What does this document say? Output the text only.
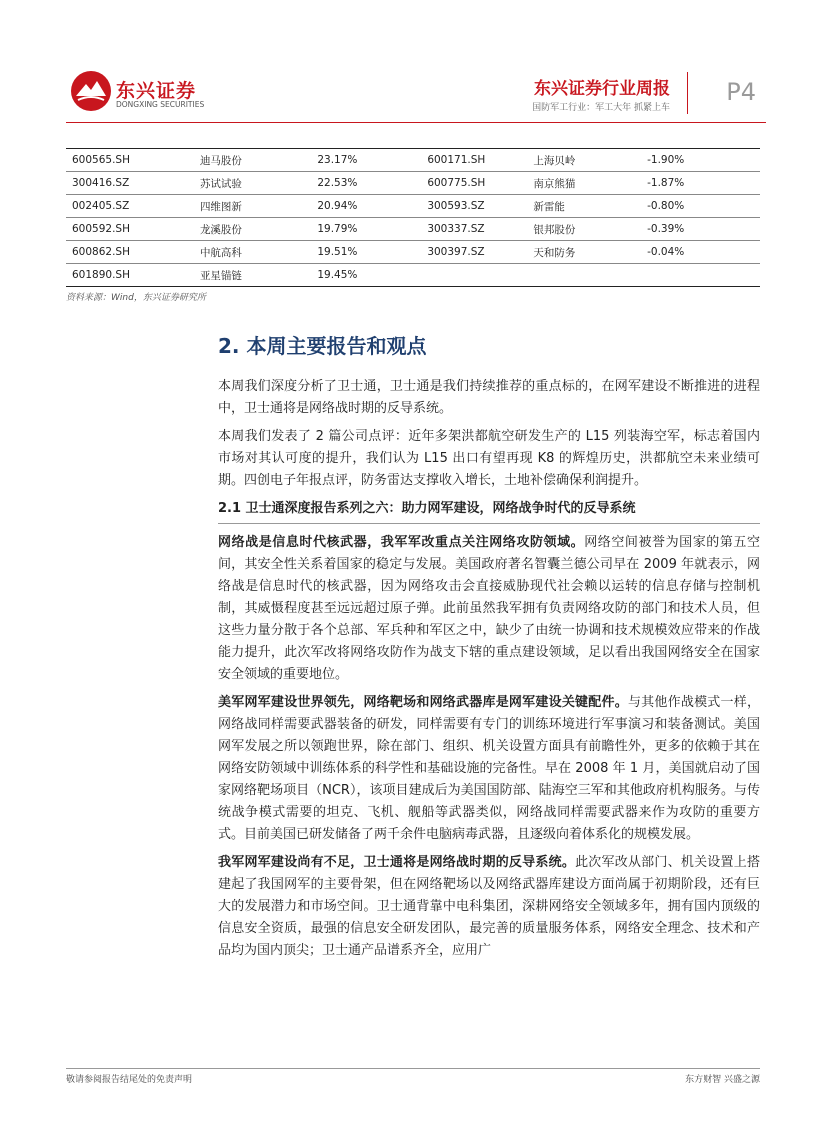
东兴证券
DONGXING SECURITIES
东兴证券行业周报
国防军工行业：军工大年 抓紧上车
P4
600565.SH	迪马股份	23.17%	600171.SH	上海贝岭	-1.90%
300416.SZ	苏试试验	22.53%	600775.SH	南京熊猫	-1.87%
002405.SZ	四维图新	20.94%	300593.SZ	新雷能	-0.80%
600592.SH	龙溪股份	19.79%	300337.SZ	银邦股份	-0.39%
600862.SH	中航高科	19.51%	300397.SZ	天和防务	-0.04%
601890.SH	亚星锚链	19.45%			
资料来源：Wind，东兴证券研究所
2. 本周主要报告和观点

本周我们深度分析了卫士通，卫士通是我们持续推荐的重点标的，在网军建设不断推进的进程中，卫士通将是网络战时期的反导系统。

本周我们发表了 2 篇公司点评：近年多架洪都航空研发生产的 L15 列装海空军，标志着国内市场对其认可度的提升，我们认为 L15 出口有望再现 K8 的辉煌历史，洪都航空未来业绩可期。四创电子年报点评，防务雷达支撑收入增长，土地补偿确保利润提升。

2.1 卫士通深度报告系列之六：助力网军建设，网络战争时代的反导系统

网络战是信息时代核武器，我军军改重点关注网络攻防领域。网络空间被誉为国家的第五空间，其安全性关系着国家的稳定与发展。美国政府著名智囊兰德公司早在 2009 年就表示，网络战是信息时代的核武器，因为网络攻击会直接威胁现代社会赖以运转的信息存储与控制机制，其威慑程度甚至远远超过原子弹。此前虽然我军拥有负责网络攻防的部门和技术人员，但这些力量分散于各个总部、军兵种和军区之中，缺少了由统一协调和技术规模效应带来的作战能力提升，此次军改将网络攻防作为战支下辖的重点建设领域，足以看出我国网络安全在国家安全领域的重要地位。

美军网军建设世界领先，网络靶场和网络武器库是网军建设关键配件。与其他作战模式一样，网络战同样需要武器装备的研发，同样需要有专门的训练环境进行军事演习和装备测试。美国网军发展之所以领跑世界，除在部门、组织、机关设置方面具有前瞻性外，更多的依赖于其在网络安防领域中训练体系的科学性和基础设施的完备性。早在 2008 年 1 月，美国就启动了国家网络靶场项目（NCR），该项目建成后为美国国防部、陆海空三军和其他政府机构服务。与传统战争模式需要的坦克、飞机、舰船等武器类似，网络战同样需要武器来作为攻防的重要方式。目前美国已研发储备了两千余件电脑病毒武器，且逐级向着体系化的规模发展。

我军网军建设尚有不足，卫士通将是网络战时期的反导系统。此次军改从部门、机关设置上搭建起了我国网军的主要骨架，但在网络靶场以及网络武器库建设方面尚属于初期阶段，还有巨大的发展潜力和市场空间。卫士通背靠中电科集团，深耕网络安全领域多年，拥有国内顶级的信息安全资质，最强的信息安全研发团队，最完善的质量服务体系，网络安全理念、技术和产品均为国内顶尖；卫士通产品谱系齐全，应用广

敬请参阅报告结尾处的免责声明	东方财智 兴盛之源
